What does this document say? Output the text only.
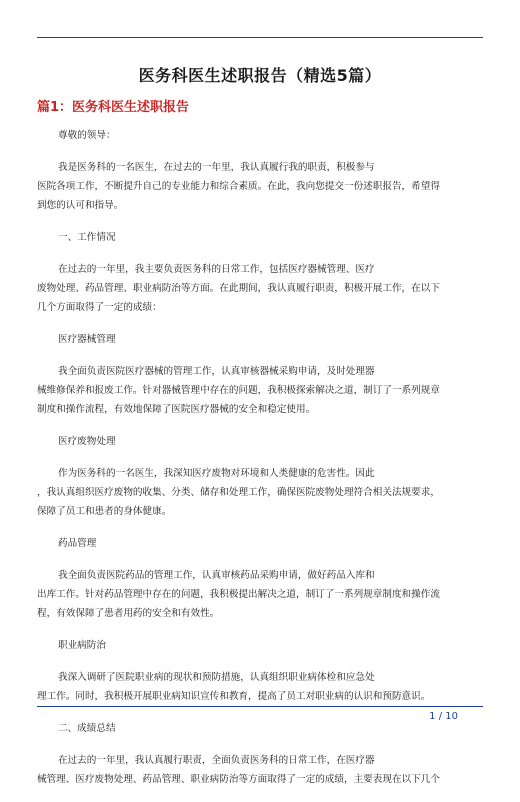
医务科医生述职报告（精选5篇）
篇1：医务科医生述职报告
尊敬的领导：
我是医务科的一名医生，在过去的一年里，我认真履行我的职责，积极参与
医院各项工作，不断提升自己的专业能力和综合素质。在此，我向您提交一份述职报告，希望得
到您的认可和指导。
一、工作情况
在过去的一年里，我主要负责医务科的日常工作，包括医疗器械管理、医疗
废物处理、药品管理、职业病防治等方面。在此期间，我认真履行职责，积极开展工作，在以下
几个方面取得了一定的成绩：
医疗器械管理
我全面负责医院医疗器械的管理工作，认真审核器械采购申请，及时处理器
械维修保养和报废工作。针对器械管理中存在的问题，我积极探索解决之道，制订了一系列规章
制度和操作流程，有效地保障了医院医疗器械的安全和稳定使用。
医疗废物处理
作为医务科的一名医生，我深知医疗废物对环境和人类健康的危害性。因此
，我认真组织医疗废物的收集、分类、储存和处理工作，确保医院废物处理符合相关法规要求，
保障了员工和患者的身体健康。
药品管理
我全面负责医院药品的管理工作，认真审核药品采购申请，做好药品入库和
出库工作。针对药品管理中存在的问题，我积极提出解决之道，制订了一系列规章制度和操作流
程，有效保障了患者用药的安全和有效性。
职业病防治
我深入调研了医院职业病的现状和预防措施，认真组织职业病体检和应急处
理工作。同时，我积极开展职业病知识宣传和教育，提高了员工对职业病的认识和预防意识。
二、成绩总结
在过去的一年里，我认真履行职责，全面负责医务科的日常工作，在医疗器
械管理、医疗废物处理、药品管理、职业病防治等方面取得了一定的成绩，主要表现在以下几个
1 / 10
